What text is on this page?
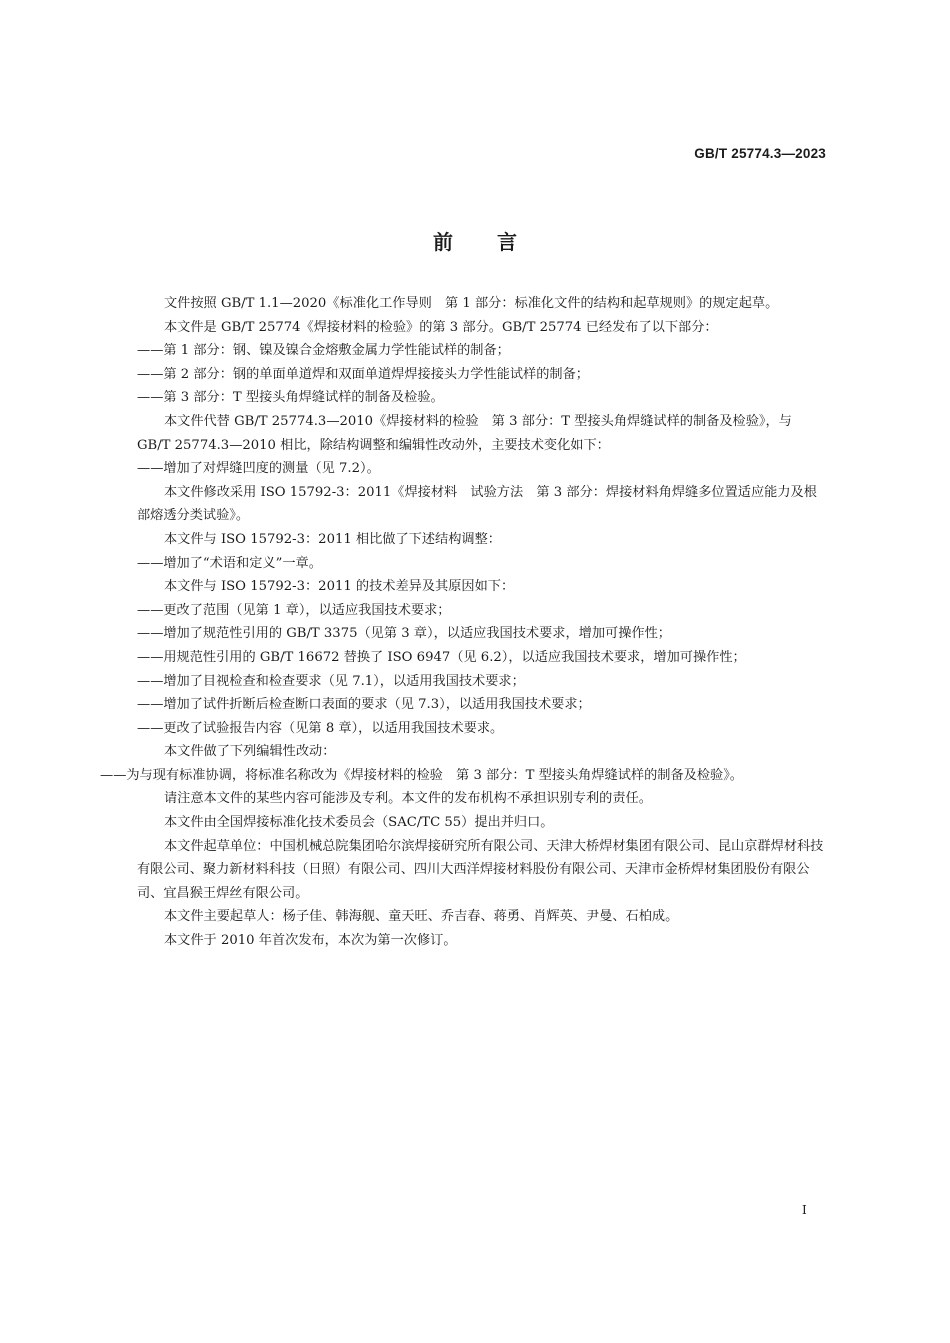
GB/T 25774.3—2023

前言

文件按照 GB/T 1.1—2020《标准化工作导则　第 1 部分：标准化文件的结构和起草规则》的规定起草。

本文件是 GB/T 25774《焊接材料的检验》的第 3 部分。GB/T 25774 已经发布了以下部分：

——第 1 部分：钢、镍及镍合金熔敷金属力学性能试样的制备；

——第 2 部分：钢的单面单道焊和双面单道焊焊接接头力学性能试样的制备；

——第 3 部分：T 型接头角焊缝试样的制备及检验。

本文件代替 GB/T 25774.3—2010《焊接材料的检验　第 3 部分：T 型接头角焊缝试样的制备及检验》，与 GB/T 25774.3—2010 相比，除结构调整和编辑性改动外，主要技术变化如下：

——增加了对焊缝凹度的测量（见 7.2）。

本文件修改采用 ISO 15792-3：2011《焊接材料　试验方法　第 3 部分：焊接材料角焊缝多位置适应能力及根部熔透分类试验》。

本文件与 ISO 15792-3：2011 相比做了下述结构调整：

——增加了“术语和定义”一章。

本文件与 ISO 15792-3：2011 的技术差异及其原因如下：

——更改了范围（见第 1 章），以适应我国技术要求；

——增加了规范性引用的 GB/T 3375（见第 3 章），以适应我国技术要求，增加可操作性；

——用规范性引用的 GB/T 16672 替换了 ISO 6947（见 6.2），以适应我国技术要求，增加可操作性；

——增加了目视检查和检查要求（见 7.1），以适用我国技术要求；

——增加了试件折断后检查断口表面的要求（见 7.3），以适用我国技术要求；

——更改了试验报告内容（见第 8 章），以适用我国技术要求。

本文件做了下列编辑性改动：

——为与现有标准协调，将标准名称改为《焊接材料的检验　第 3 部分：T 型接头角焊缝试样的制备及检验》。

请注意本文件的某些内容可能涉及专利。本文件的发布机构不承担识别专利的责任。

本文件由全国焊接标准化技术委员会（SAC/TC 55）提出并归口。

本文件起草单位：中国机械总院集团哈尔滨焊接研究所有限公司、天津大桥焊材集团有限公司、昆山京群焊材科技有限公司、聚力新材料科技（日照）有限公司、四川大西洋焊接材料股份有限公司、天津市金桥焊材集团股份有限公司、宜昌猴王焊丝有限公司。

本文件主要起草人：杨子佳、韩海舰、童天旺、乔吉春、蒋勇、肖辉英、尹曼、石柏成。

本文件于 2010 年首次发布，本次为第一次修订。

I
